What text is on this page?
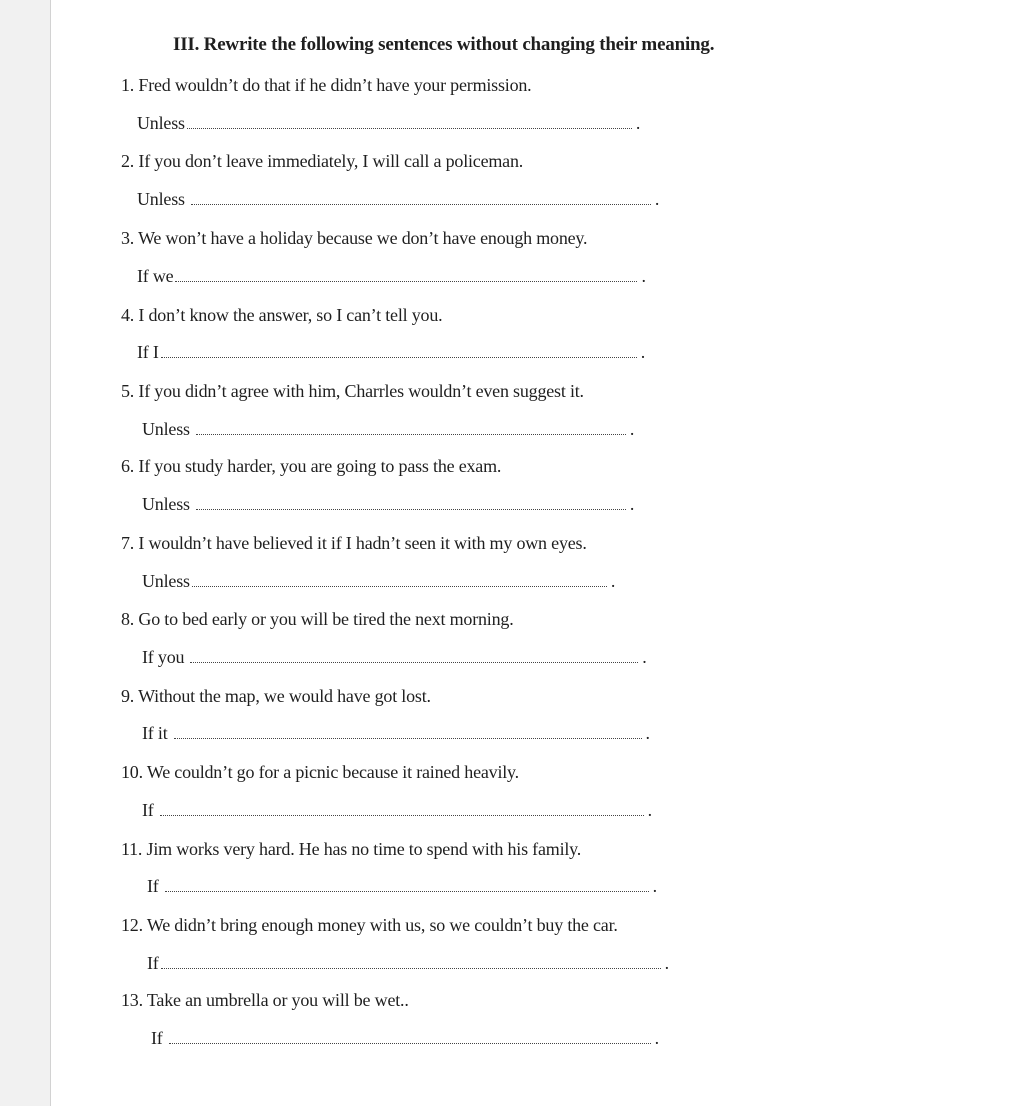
III. Rewrite the following sentences without changing their meaning.
1. Fred wouldn’t do that if he didn’t have your permission.
Unless	.
2. If you don’t leave immediately, I will call a policeman.
Unless	.
3. We won’t have a holiday because we don’t have enough money.
If we	.
4. I don’t know the answer, so I can’t tell you.
If I	.
5. If you didn’t agree with him, Charrles wouldn’t even suggest it.
Unless	.
6. If you study harder, you are going to pass the exam.
Unless	.
7. I wouldn’t have believed it if I hadn’t seen it with my own eyes.
Unless	.
8. Go to bed early or you will be tired the next morning.
If you	.
9. Without the map, we would have got lost.
If it	.
10. We couldn’t go for a picnic because it rained heavily.
If	.
11. Jim works very hard. He has no time to spend with his family.
If	.
12. We didn’t bring enough money with us, so we couldn’t buy the car.
If	.
13. Take an umbrella or you will be wet..
If	.
